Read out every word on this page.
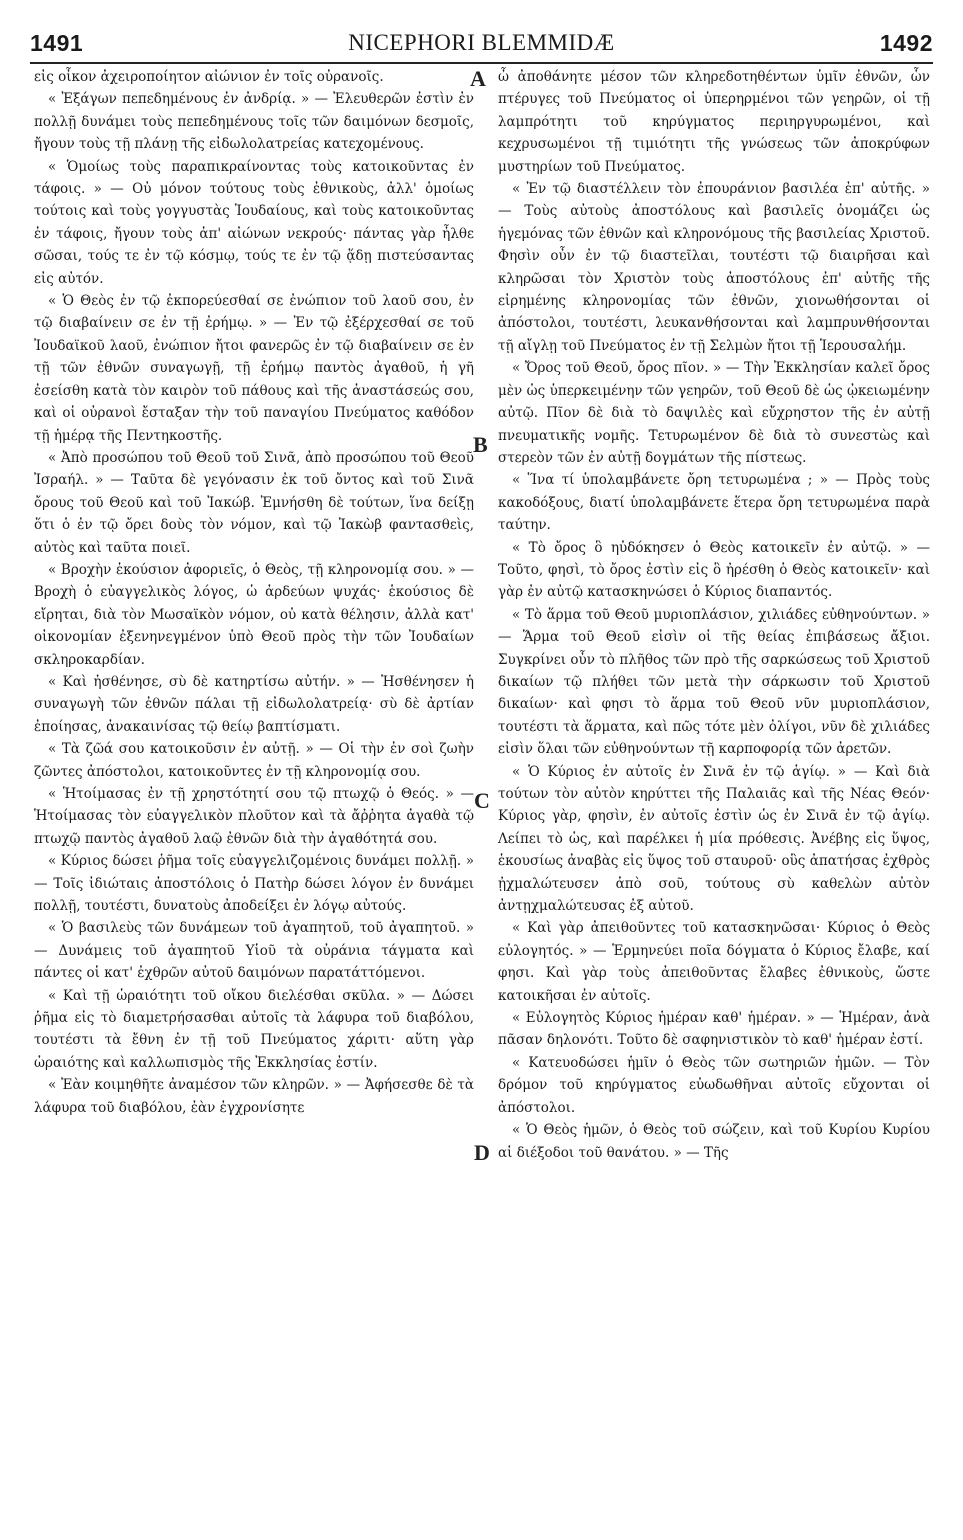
1491	NICEPHORI BLEMMIDÆ	1492

εἰς οἶκον ἀχειροποίητον αἰώνιον ἐν τοῖς οὐρανοῖς.

« Ἐξάγων πεπεδημένους ἐν ἀνδρίᾳ. » — Ἐλευθερῶν ἐστὶν ἐν πολλῇ δυνάμει τοὺς πεπεδημένους τοῖς τῶν δαιμόνων δεσμοῖς, ἤγουν τοὺς τῇ πλάνῃ τῆς εἰδωλολατρείας κατεχομένους.

« Ὁμοίως τοὺς παραπικραίνοντας τοὺς κατοικοῦντας ἐν τάφοις. » — Οὐ μόνον τούτους τοὺς ἐθνικοὺς, ἀλλ' ὁμοίως τούτοις καὶ τοὺς γογγυστὰς Ἰουδαίους, καὶ τοὺς κατοικοῦντας ἐν τάφοις, ἤγουν τοὺς ἀπ' αἰώνων νεκρούς· πάντας γὰρ ἦλθε σῶσαι, τούς τε ἐν τῷ κόσμῳ, τούς τε ἐν τῷ ᾅδῃ πιστεύσαντας εἰς αὐτόν.

« Ὁ Θεὸς ἐν τῷ ἐκπορεύεσθαί σε ἐνώπιον τοῦ λαοῦ σου, ἐν τῷ διαβαίνειν σε ἐν τῇ ἐρήμῳ. » — Ἐν τῷ ἐξέρχεσθαί σε τοῦ Ἰουδαϊκοῦ λαοῦ, ἐνώπιον ἤτοι φανερῶς ἐν τῷ διαβαίνειν σε ἐν τῇ τῶν ἐθνῶν συναγωγῇ, τῇ ἐρήμῳ παντὸς ἀγαθοῦ, ἡ γῆ ἐσείσθη κατὰ τὸν καιρὸν τοῦ πάθους καὶ τῆς ἀναστάσεώς σου, καὶ οἱ οὐρανοὶ ἔσταξαν τὴν τοῦ παναγίου Πνεύματος καθόδον τῇ ἡμέρᾳ τῆς Πεντηκοστῆς.

« Ἀπὸ προσώπου τοῦ Θεοῦ τοῦ Σινᾶ, ἀπὸ προσώπου τοῦ Θεοῦ Ἰσραήλ. » — Ταῦτα δὲ γεγόνασιν ἐκ τοῦ ὄντος καὶ τοῦ Σινᾶ ὄρους τοῦ Θεοῦ καὶ τοῦ Ἰακώβ. Ἐμνήσθη δὲ τούτων, ἵνα δείξῃ ὅτι ὁ ἐν τῷ ὄρει δοὺς τὸν νόμον, καὶ τῷ Ἰακὼβ φαντασθεὶς, αὐτὸς καὶ ταῦτα ποιεῖ.

« Βροχὴν ἑκούσιον ἀφοριεῖς, ὁ Θεὸς, τῇ κληρονομίᾳ σου. » — Βροχὴ ὁ εὐαγγελικὸς λόγος, ὡ ἀρδεύων ψυχάς· ἑκούσιος δὲ εἴρηται, διὰ τὸν Μωσαϊκὸν νόμον, οὐ κατὰ θέλησιν, ἀλλὰ κατ' οἰκονομίαν ἐξενηνεγμένον ὑπὸ Θεοῦ πρὸς τὴν τῶν Ἰουδαίων σκληροκαρδίαν.

« Καὶ ἠσθένησε, σὺ δὲ κατηρτίσω αὐτήν. » — Ἠσθένησεν ἡ συναγωγὴ τῶν ἐθνῶν πάλαι τῇ εἰδωλολατρείᾳ· σὺ δὲ ἀρτίαν ἐποίησας, ἀνακαινίσας τῷ θείῳ βαπτίσματι.

« Τὰ ζῶά σου κατοικοῦσιν ἐν αὐτῇ. » — Οἱ τὴν ἐν σοὶ ζωὴν ζῶντες ἀπόστολοι, κατοικοῦντες ἐν τῇ κληρονομίᾳ σου.

« Ἡτοίμασας ἐν τῇ χρηστότητί σου τῷ πτωχῷ ὁ Θεός. » — Ἡτοίμασας τὸν εὐαγγελικὸν πλοῦτον καὶ τὰ ἄῤῥητα ἀγαθὰ τῷ πτωχῷ παντὸς ἀγαθοῦ λαῷ ἐθνῶν διὰ τὴν ἀγαθότητά σου.

« Κύριος δώσει ῥῆμα τοῖς εὐαγγελιζομένοις δυνάμει πολλῇ. » — Τοῖς ἰδιώταις ἀποστόλοις ὁ Πατὴρ δώσει λόγον ἐν δυνάμει πολλῇ, τουτέστι, δυνατοὺς ἀποδείξει ἐν λόγῳ αὐτούς.

« Ὁ βασιλεὺς τῶν δυνάμεων τοῦ ἀγαπητοῦ, τοῦ ἀγαπητοῦ. » — Δυνάμεις τοῦ ἀγαπητοῦ Υἱοῦ τὰ οὐράνια τάγματα καὶ πάντες οἱ κατ' ἐχθρῶν αὐτοῦ δαιμόνων παρατάττόμενοι.

« Καὶ τῇ ὡραιότητι τοῦ οἴκου διελέσθαι σκῦλα. » — Δώσει ῥῆμα εἰς τὸ διαμετρήσασθαι αὐτοῖς τὰ λάφυρα τοῦ διαβόλου, τουτέστι τὰ ἔθνη ἐν τῇ τοῦ Πνεύματος χάριτι· αὕτη γὰρ ὡραιότης καὶ καλλωπισμὸς τῆς Ἐκκλησίας ἐστίν.

« Ἐὰν κοιμηθῆτε ἀναμέσον τῶν κληρῶν. » — Ἀφήσεσθε δὲ τὰ λάφυρα τοῦ διαβόλου, ἐὰν ἐγχρονίσητε

ὦ ἀποθάνητε μέσον τῶν κληρεδοτηθέντων ὑμῖν ἐθνῶν, ὧν πτέρυγες τοῦ Πνεύματος οἱ ὑπερηρμένοι τῶν γεηρῶν, οἱ τῇ λαμπρότητι τοῦ κηρύγματος περιηργυρωμένοι, καὶ κεχρυσωμένοι τῇ τιμιότητι τῆς γνώσεως τῶν ἀποκρύφων μυστηρίων τοῦ Πνεύματος.

« Ἐν τῷ διαστέλλειν τὸν ἐπουράνιον βασιλέα ἐπ' αὐτῆς. » — Τοὺς αὐτοὺς ἀποστόλους καὶ βασιλεῖς ὀνομάζει ὡς ἡγεμόνας τῶν ἐθνῶν καὶ κληρονόμους τῆς βασιλείας Χριστοῦ. Φησὶν οὖν ἐν τῷ διαστεῖλαι, τουτέστι τῷ διαιρῆσαι καὶ κληρῶσαι τὸν Χριστὸν τοὺς ἀποστόλους ἐπ' αὐτῆς τῆς εἰρημένης κληρονομίας τῶν ἐθνῶν, χιονωθήσονται οἱ ἀπόστολοι, τουτέστι, λευκανθήσονται καὶ λαμπρυνθήσονται τῇ αἴγλῃ τοῦ Πνεύματος ἐν τῇ Σελμὼν ἤτοι τῇ Ἱερουσαλήμ.

« Ὄρος τοῦ Θεοῦ, ὄρος πῖον. » — Τὴν Ἐκκλησίαν καλεῖ ὄρος μὲν ὡς ὑπερκειμένην τῶν γεηρῶν, τοῦ Θεοῦ δὲ ὡς ᾠκειωμένην αὐτῷ. Πῖον δὲ διὰ τὸ δαψιλὲς καὶ εὔχρηστον τῆς ἐν αὐτῇ πνευματικῆς νομῆς. Τετυρωμένον δὲ διὰ τὸ συνεστὼς καὶ στερεὸν τῶν ἐν αὐτῇ δογμάτων τῆς πίστεως.

« Ἵνα τί ὑπολαμβάνετε ὄρη τετυρωμένα ; » — Πρὸς τοὺς κακοδόξους, διατί ὑπολαμβάνετε ἕτερα ὄρη τετυρωμένα παρὰ ταύτην.

« Τὸ ὄρος ὃ ηὐδόκησεν ὁ Θεὸς κατοικεῖν ἐν αὐτῷ. » — Τοῦτο, φησὶ, τὸ ὄρος ἐστὶν εἰς ὃ ἠρέσθη ὁ Θεὸς κατοικεῖν· καὶ γὰρ ἐν αὐτῷ κατασκηνώσει ὁ Κύριος διαπαντός.

« Τὸ ἅρμα τοῦ Θεοῦ μυριοπλάσιον, χιλιάδες εὐθηνούντων. » — Ἅρμα τοῦ Θεοῦ εἰσὶν οἱ τῆς θείας ἐπιβάσεως ἄξιοι. Συγκρίνει οὖν τὸ πλῆθος τῶν πρὸ τῆς σαρκώσεως τοῦ Χριστοῦ δικαίων τῷ πλήθει τῶν μετὰ τὴν σάρκωσιν τοῦ Χριστοῦ δικαίων· καὶ φησι τὸ ἅρμα τοῦ Θεοῦ νῦν μυριοπλάσιον, τουτέστι τὰ ἅρματα, καὶ πῶς τότε μὲν ὀλίγοι, νῦν δὲ χιλιάδες εἰσὶν ὅλαι τῶν εὐθηνούντων τῇ καρποφορίᾳ τῶν ἀρετῶν.

« Ὁ Κύριος ἐν αὐτοῖς ἐν Σινᾶ ἐν τῷ ἁγίῳ. » — Καὶ διὰ τούτων τὸν αὐτὸν κηρύττει τῆς Παλαιᾶς καὶ τῆς Νέας Θεόν· Κύριος γὰρ, φησὶν, ἐν αὐτοῖς ἐστὶν ὡς ἐν Σινᾶ ἐν τῷ ἁγίῳ. Λείπει τὸ ὡς, καὶ παρέλκει ἡ μία πρόθεσις. Ἀνέβης εἰς ὕψος, ἑκουσίως ἀναβὰς εἰς ὕψος τοῦ σταυροῦ· οὓς ἀπατήσας ἐχθρὸς ᾐχμαλώτευσεν ἀπὸ σοῦ, τούτους σὺ καθελὼν αὐτὸν ἀντῃχμαλώτευσας ἐξ αὐτοῦ.

« Καὶ γὰρ ἀπειθοῦντες τοῦ κατασκηνῶσαι· Κύριος ὁ Θεὸς εὐλογητός. » — Ἑρμηνεύει ποῖα δόγματα ὁ Κύριος ἔλαβε, καί φησι. Καὶ γὰρ τοὺς ἀπειθοῦντας ἔλαβες ἐθνικοὺς, ὥστε κατοικῆσαι ἐν αὐτοῖς.

« Εὐλογητὸς Κύριος ἡμέραν καθ' ἡμέραν. » — Ἡμέραν, ἀνὰ πᾶσαν δηλονότι. Τοῦτο δὲ σαφηνιστικὸν τὸ καθ' ἡμέραν ἐστί.

« Κατευοδώσει ἡμῖν ὁ Θεὸς τῶν σωτηριῶν ἡμῶν. — Τὸν δρόμον τοῦ κηρύγματος εὐωδωθῆναι αὐτοῖς εὔχονται οἱ ἀπόστολοι.

« Ὁ Θεὸς ἡμῶν, ὁ Θεὸς τοῦ σώζειν, καὶ τοῦ Κυρίου Κυρίου αἱ διέξοδοι τοῦ θανάτου. » — Τῆς

A
B
C
D
